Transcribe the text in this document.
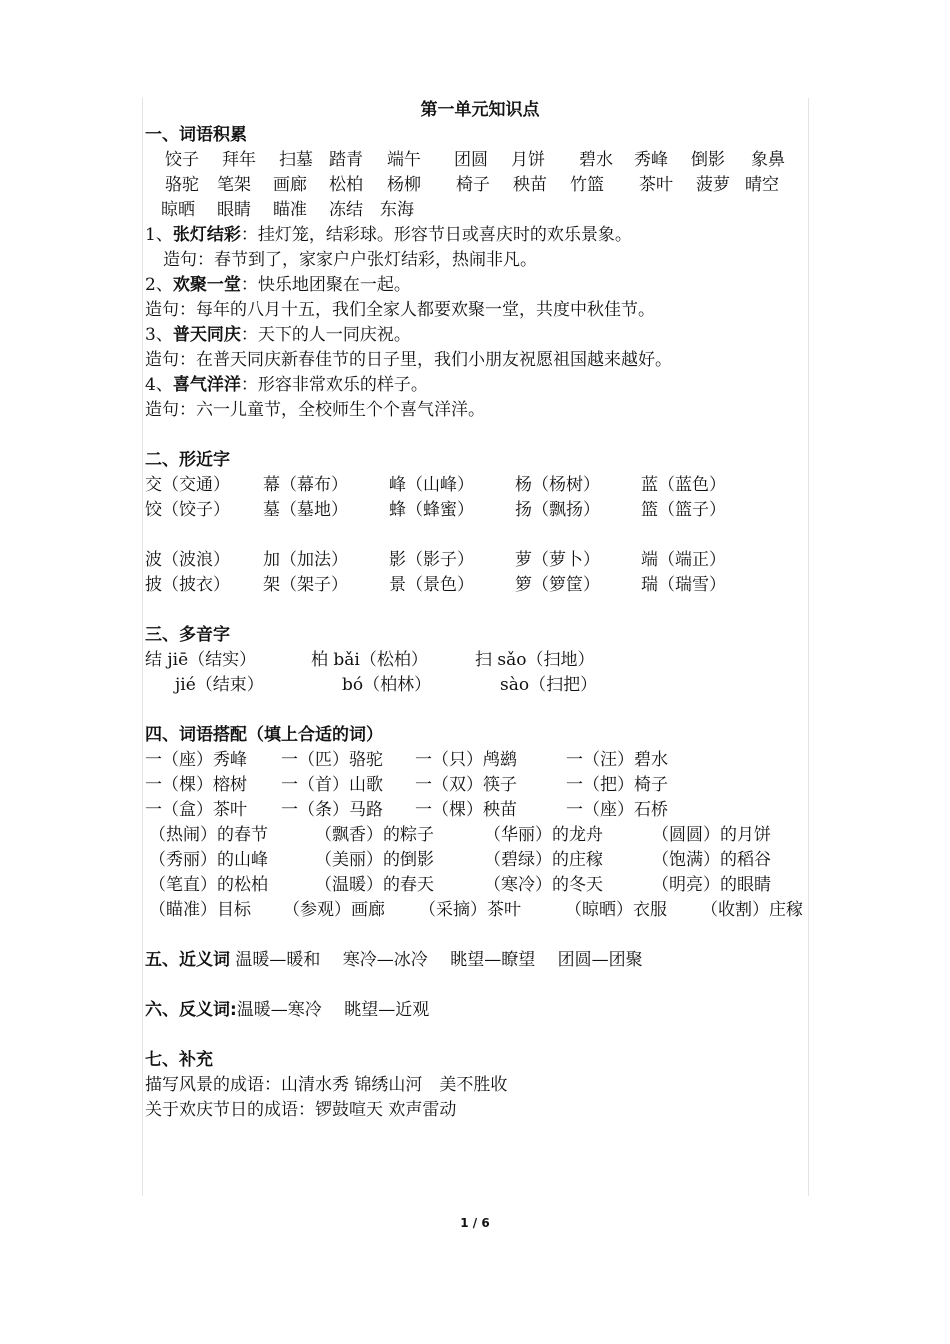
第一单元知识点
一、词语积累
饺子 拜年 扫墓 踏青 端午 团圆 月饼 碧水 秀峰 倒影 象鼻
骆驼 笔架 画廊 松柏 杨柳 椅子 秧苗 竹篮 茶叶 菠萝 晴空
晾晒 眼睛 瞄准 冻结 东海
1、张灯结彩：挂灯笼，结彩球。形容节日或喜庆时的欢乐景象。
造句：春节到了，家家户户张灯结彩，热闹非凡。
2、欢聚一堂：快乐地团聚在一起。
造句：每年的八月十五，我们全家人都要欢聚一堂，共度中秋佳节。
3、普天同庆：天下的人一同庆祝。
造句：在普天同庆新春佳节的日子里，我们小朋友祝愿祖国越来越好。
4、喜气洋洋：形容非常欢乐的样子。
造句：六一儿童节，全校师生个个喜气洋洋。
二、形近字
交（交通） 幕（幕布） 峰（山峰） 杨（杨树） 蓝（蓝色）
饺（饺子） 墓（墓地） 蜂（蜂蜜） 扬（飘扬） 篮（篮子）
波（波浪） 加（加法） 影（影子） 萝（萝卜） 端（端正）
披（披衣） 架（架子） 景（景色） 箩（箩筐） 瑞（瑞雪）
三、多音字
结 jiē（结实）	柏 bǎi（松柏）	扫 sǎo（扫地）
jié（结束）	bó（柏林）	sào（扫把）
四、词语搭配（填上合适的词）
一（座）秀峰 一（匹）骆驼 一（只）鸬鹚	一（汪）碧水
一（棵）榕树 一（首）山歌 一（双）筷子	一（把）椅子
一（盒）茶叶 一（条）马路 一（棵）秧苗	一（座）石桥
（热闹）的春节	（飘香）的粽子	（华丽）的龙舟	（圆圆）的月饼
（秀丽）的山峰	（美丽）的倒影	（碧绿）的庄稼	（饱满）的稻谷
（笔直）的松柏	（温暖）的春天	（寒冷）的冬天	（明亮）的眼睛
（瞄准）目标 （参观）画廊 （采摘）茶叶	（晾晒）衣服 （收割）庄稼
五、近义词 温暖—暖和　 寒冷—冰冷　 眺望—瞭望　 团圆—团聚
六、反义词:温暖—寒冷　 眺望—近观
七、补充
描写风景的成语：山清水秀 锦绣山河　美不胜收
关于欢庆节日的成语：锣鼓喧天 欢声雷动
1 / 6
